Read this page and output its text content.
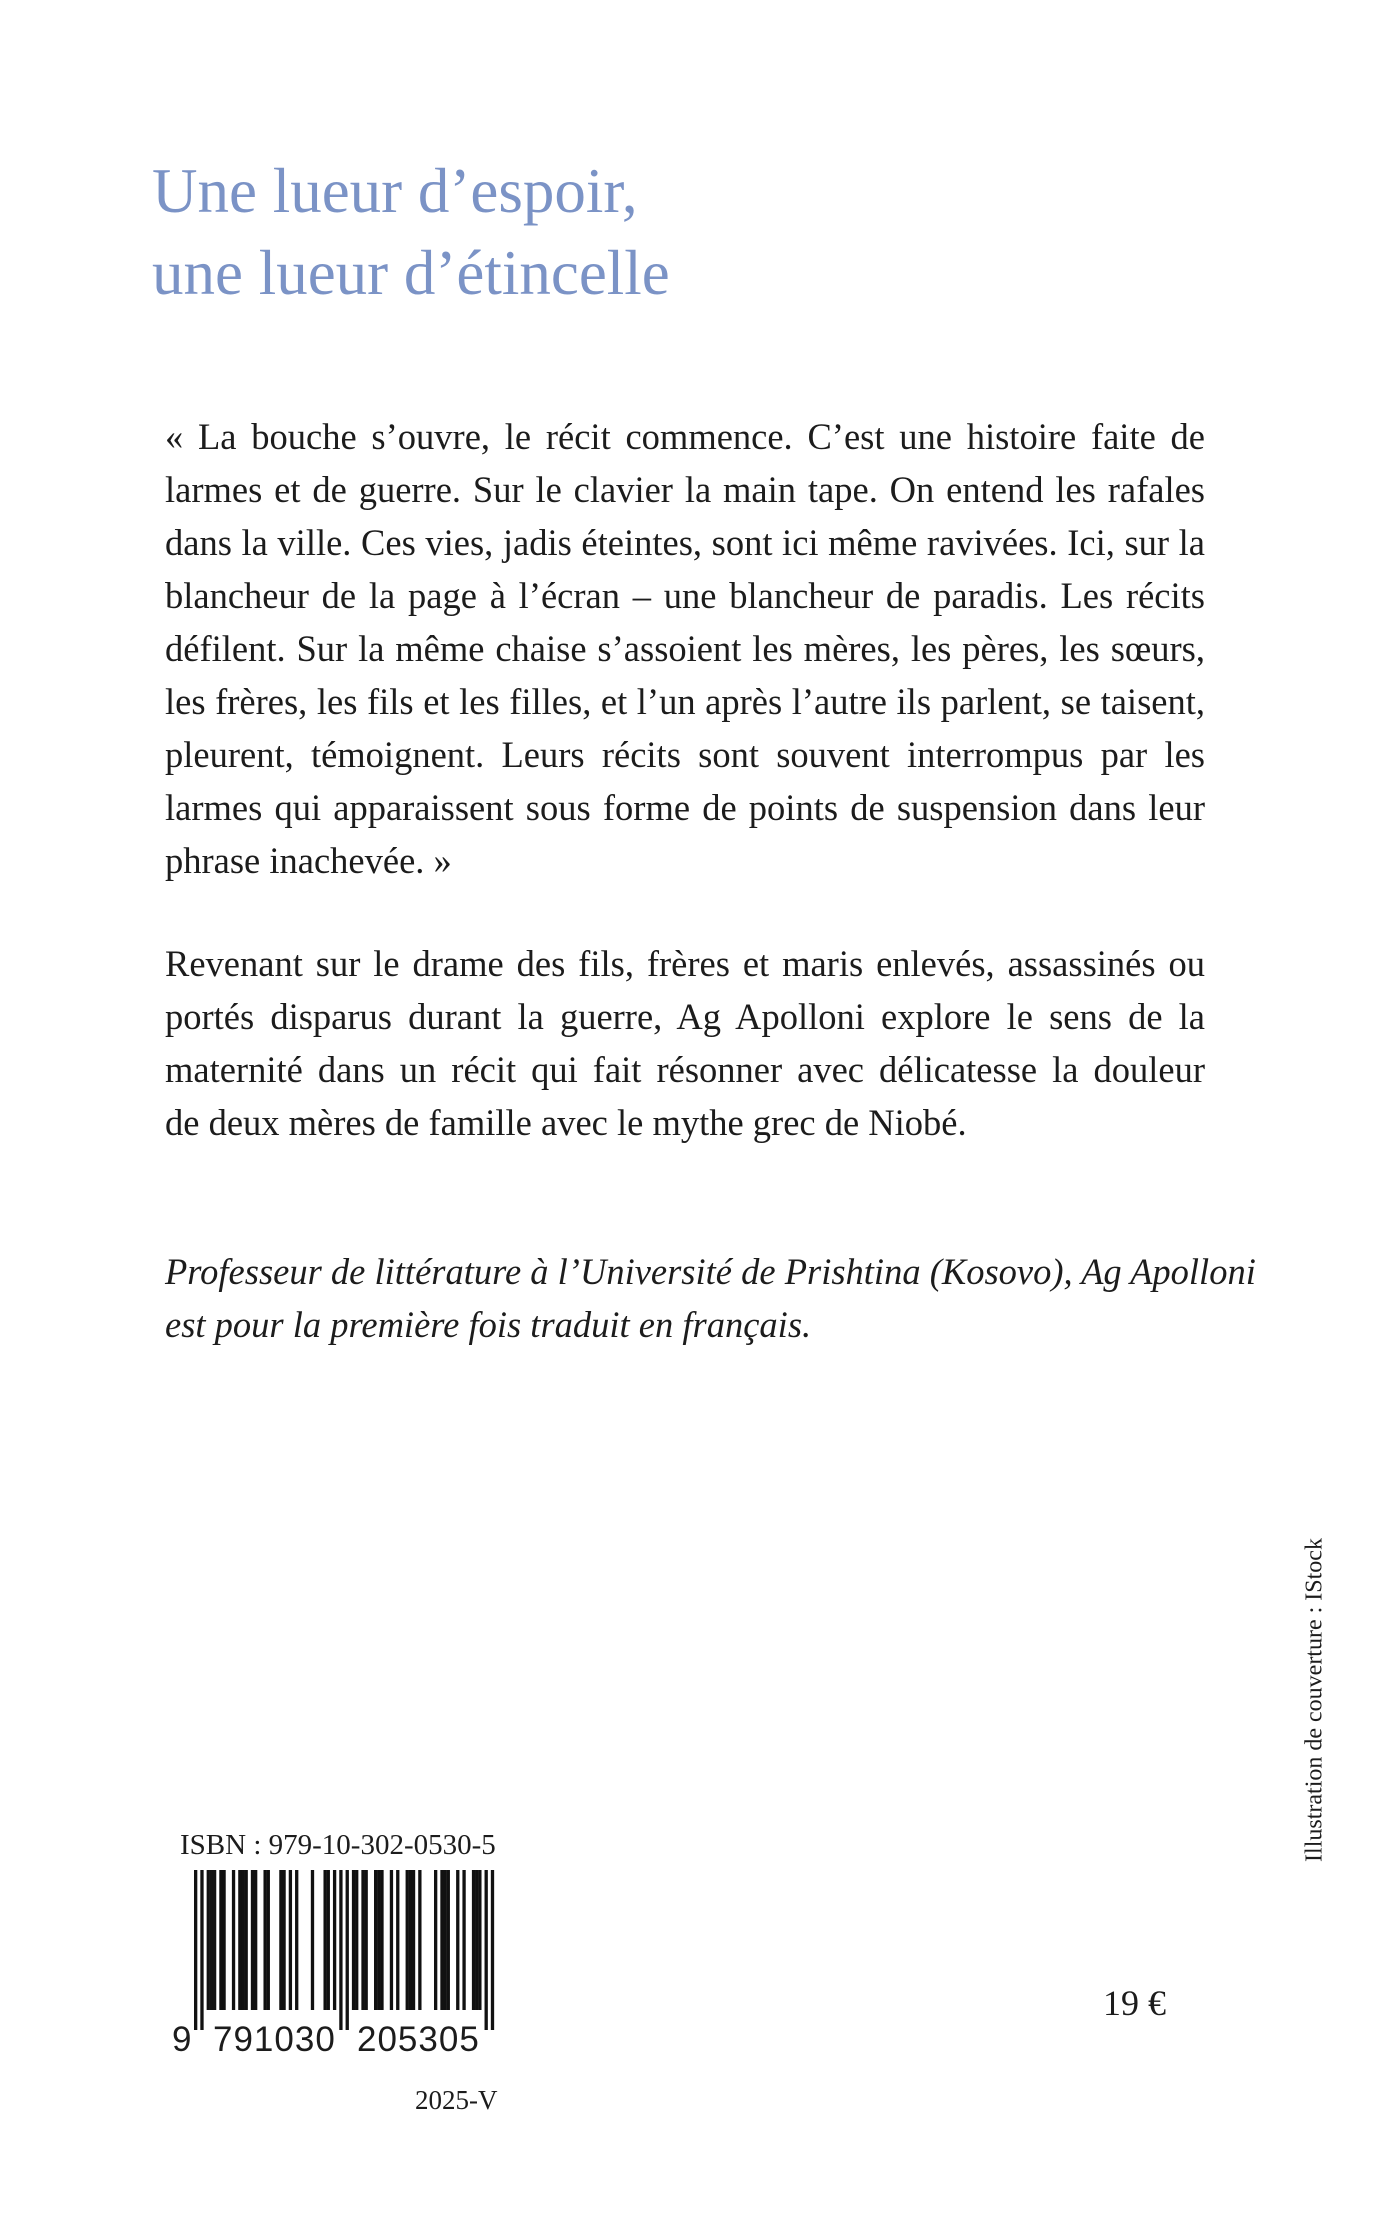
Une lueur d’espoir,
une lueur d’étincelle
« La bouche s’ouvre, le récit commence. C’est une histoire faite de
larmes et de guerre. Sur le clavier la main tape. On entend les rafales
dans la ville. Ces vies, jadis éteintes, sont ici même ravivées. Ici, sur la
blancheur de la page à l’écran – une blancheur de paradis. Les récits
défilent. Sur la même chaise s’assoient les mères, les pères, les sœurs,
les frères, les fils et les filles, et l’un après l’autre ils parlent, se taisent,
pleurent, témoignent. Leurs récits sont souvent interrompus par les
larmes qui apparaissent sous forme de points de suspension dans leur
phrase inachevée. »
Revenant sur le drame des fils, frères et maris enlevés, assassinés ou
portés disparus durant la guerre, Ag Apolloni explore le sens de la
maternité dans un récit qui fait résonner avec délicatesse la douleur
de deux mères de famille avec le mythe grec de Niobé.
Professeur de littérature à l’Université de Prishtina (Kosovo), Ag Apolloni
est pour la première fois traduit en français.
Illustration de couverture : IStock
ISBN : 979-10-302-0530-5
9 791030 205305
2025-V
19 €
